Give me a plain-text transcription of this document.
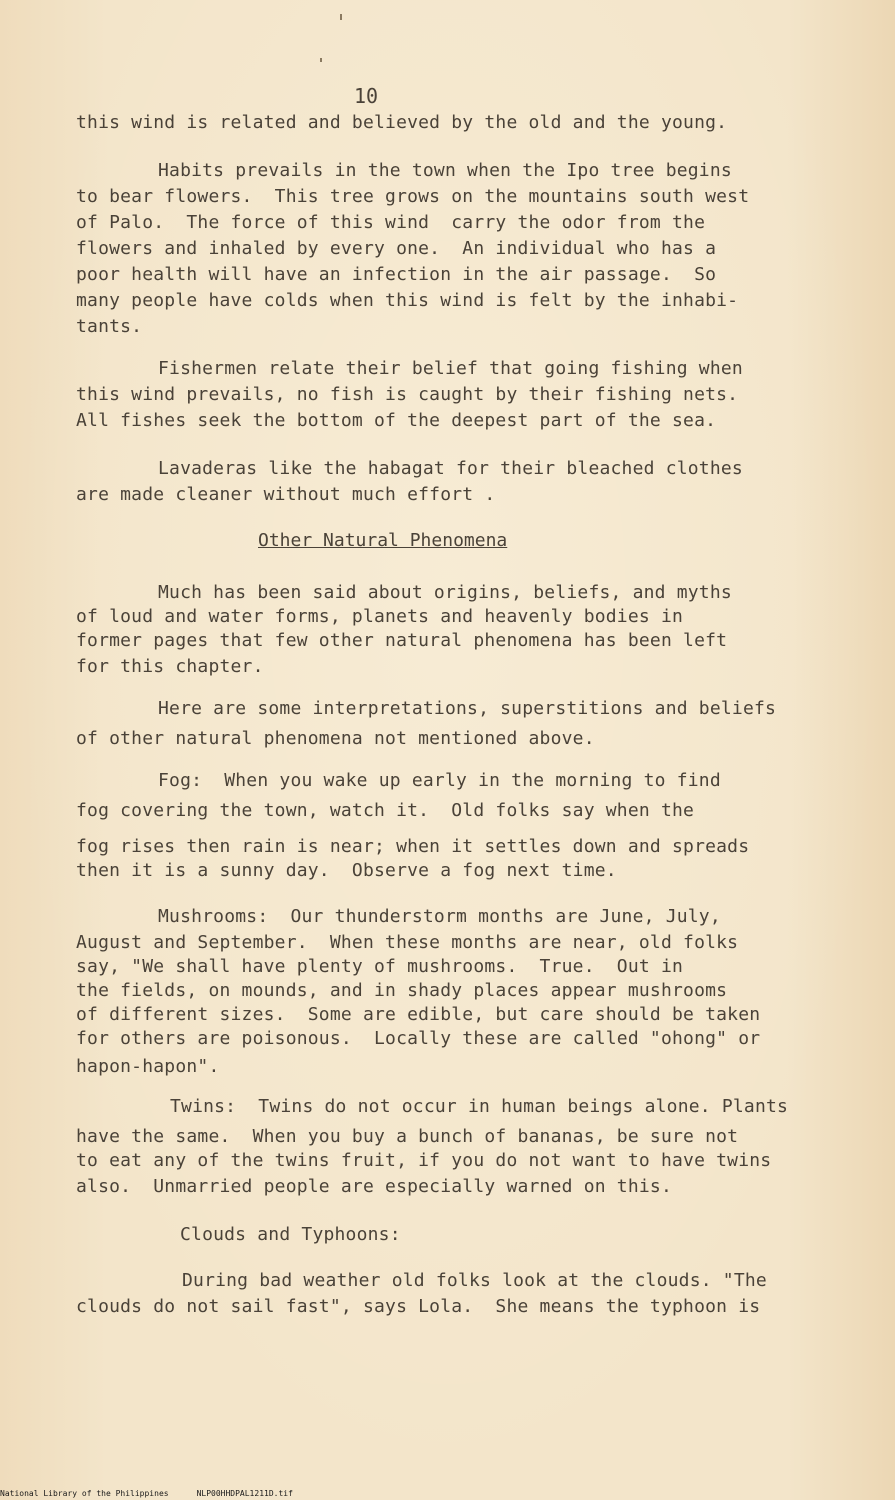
10

this wind is related and believed by the old and the young.

Habits prevails in the town when the Ipo tree begins

to bear flowers.  This tree grows on the mountains south west

of Palo.  The force of this wind  carry the odor from the

flowers and inhaled by every one.  An individual who has a

poor health will have an infection in the air passage.  So

many people have colds when this wind is felt by the inhabi-

tants.

Fishermen relate their belief that going fishing when

this wind prevails, no fish is caught by their fishing nets.

All fishes seek the bottom of the deepest part of the sea.

Lavaderas like the habagat for their bleached clothes

are made cleaner without much effort .

Much has been said about origins, beliefs, and myths

of loud and water forms, planets and heavenly bodies in

former pages that few other natural phenomena has been left

for this chapter.

Here are some interpretations, superstitions and beliefs

of other natural phenomena not mentioned above.

Fog:  When you wake up early in the morning to find

fog covering the town, watch it.  Old folks say when the

fog rises then rain is near; when it settles down and spreads

then it is a sunny day.  Observe a fog next time.

Mushrooms:  Our thunderstorm months are June, July,

August and September.  When these months are near, old folks

say, "We shall have plenty of mushrooms.  True.  Out in

the fields, on mounds, and in shady places appear mushrooms

of different sizes.  Some are edible, but care should be taken

for others are poisonous.  Locally these are called "ohong" or

hapon-hapon".

Twins:  Twins do not occur in human beings alone. Plants

have the same.  When you buy a bunch of bananas, be sure not

to eat any of the twins fruit, if you do not want to have twins

also.  Unmarried people are especially warned on this.

Clouds and Typhoons:

During bad weather old folks look at the clouds. "The

clouds do not sail fast", says Lola.  She means the typhoon is

Other Natural Phenomena
National Library of the Philippines	NLP00HHDPAL1211D.tif
